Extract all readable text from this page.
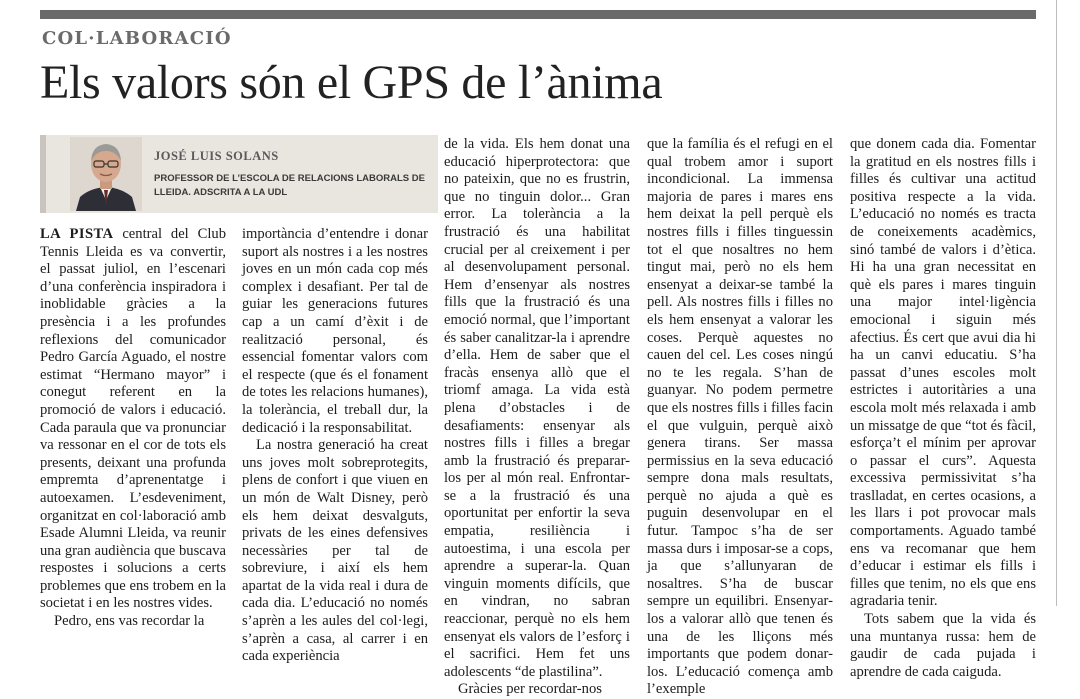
COL·LABORACIÓ
Els valors són el GPS de l’ànima
JOSÉ LUIS SOLANS
PROFESSOR DE L’ESCOLA DE RELACIONS LABORALS DE LLEIDA. ADSCRITA A LA UDL

LA PISTA central del Club Tennis Lleida es va convertir, el passat juliol, en l’escenari d’una conferència inspiradora i inoblidable gràcies a la presència i a les profundes reflexions del comunicador Pedro García Aguado, el nostre estimat “Hermano mayor” i conegut referent en la promoció de valors i educació. Cada paraula que va pronunciar va ressonar en el cor de tots els presents, deixant una profunda empremta d’aprenentatge i autoexamen. L’esdeveniment, organitzat en col·laboració amb Esade Alumni Lleida, va reunir una gran audiència que buscava respostes i solucions a certs problemes que ens trobem en la societat i en les nostres vides.

Pedro, ens vas recordar la

importància d’entendre i donar suport als nostres i a les nostres joves en un món cada cop més complex i desafiant. Per tal de guiar les generacions futures cap a un camí d’èxit i de realització personal, és essencial fomentar valors com el respecte (que és el fonament de totes les relacions humanes), la tolerància, el treball dur, la dedicació i la responsabilitat.

La nostra generació ha creat uns joves molt sobreprotegits, plens de confort i que viuen en un món de Walt Disney, però els hem deixat desvalguts, privats de les eines defensives necessàries per tal de sobreviure, i així els hem apartat de la vida real i dura de cada dia. L’educació no només s’aprèn a les aules del col·legi, s’aprèn a casa, al carrer i en cada experiència

de la vida. Els hem donat una educació hiperprotectora: que no pateixin, que no es frustrin, que no tinguin dolor... Gran error. La tolerància a la frustració és una habilitat crucial per al creixement i per al desenvolupament personal. Hem d’ensenyar als nostres fills que la frustració és una emoció normal, que l’important és saber canalitzar-la i aprendre d’ella. Hem de saber que el fracàs ensenya allò que el triomf amaga. La vida està plena d’obstacles i de desafiaments: ensenyar als nostres fills i filles a bregar amb la frustració és preparar-los per al món real. Enfrontar-se a la frustració és una oportunitat per enfortir la seva empatia, resiliència i autoestima, i una escola per aprendre a superar-la. Quan vinguin moments difícils, que en vindran, no sabran reaccionar, perquè no els hem ensenyat els valors de l’esforç i el sacrifici. Hem fet uns adolescents “de plastilina”.

Gràcies per recordar-nos

que la família és el refugi en el qual trobem amor i suport incondicional. La immensa majoria de pares i mares ens hem deixat la pell perquè els nostres fills i filles tinguessin tot el que nosaltres no hem tingut mai, però no els hem ensenyat a deixar-se també la pell. Als nostres fills i filles no els hem ensenyat a valorar les coses. Perquè aquestes no cauen del cel. Les coses ningú no te les regala. S’han de guanyar. No podem permetre que els nostres fills i filles facin el que vulguin, perquè això genera tirans. Ser massa permissius en la seva educació sempre dona mals resultats, perquè no ajuda a què es puguin desenvolupar en el futur. Tampoc s’ha de ser massa durs i imposar-se a cops, ja que s’allunyaran de nosaltres. S’ha de buscar sempre un equilibri. Ensenyar-los a valorar allò que tenen és una de les lliçons més importants que podem donar-los. L’educació comença amb l’exemple

que donem cada dia. Fomentar la gratitud en els nostres fills i filles és cultivar una actitud positiva respecte a la vida. L’educació no només es tracta de coneixements acadèmics, sinó també de valors i d’ètica. Hi ha una gran necessitat en què els pares i mares tinguin una major intel·ligència emocional i siguin més afectius. És cert que avui dia hi ha un canvi educatiu. S’ha passat d’unes escoles molt estrictes i autoritàries a una escola molt més relaxada i amb un missatge de que “tot és fàcil, esforça’t el mínim per aprovar o passar el curs”. Aquesta excessiva permissivitat s’ha traslladat, en certes ocasions, a les llars i pot provocar mals comportaments. Aguado també ens va recomanar que hem d’educar i estimar els fills i filles que tenim, no els que ens agradaria tenir.

Tots sabem que la vida és una muntanya russa: hem de gaudir de cada pujada i aprendre de cada caiguda.
